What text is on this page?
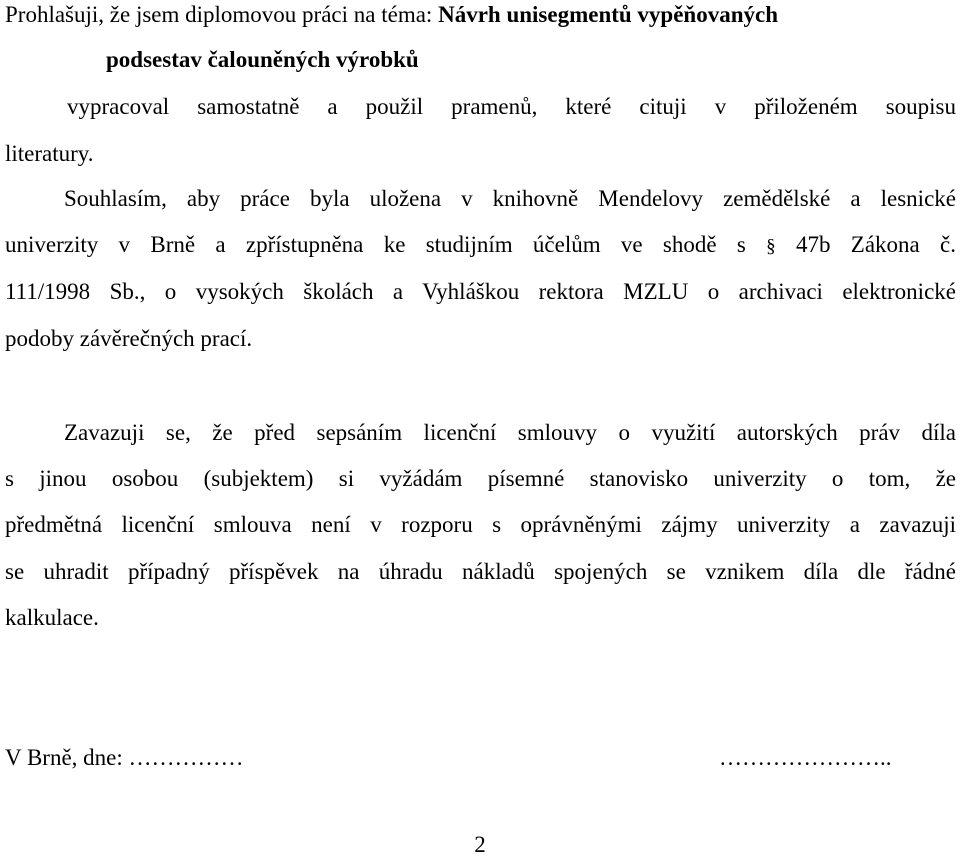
Prohlašuji, že jsem diplomovou práci na téma: Návrh unisegmentů vypěňovaných
podsestav čalouněných výrobků
vypracoval samostatně a použil pramenů, které cituji v přiloženém soupisu
literatury.
Souhlasím, aby práce byla uložena v knihovně Mendelovy zemědělské a lesnické
univerzity v Brně a zpřístupněna ke studijním účelům ve shodě s § 47b Zákona č.
111/1998 Sb., o vysokých školách a Vyhláškou rektora MZLU o archivaci elektronické
podoby závěrečných prací.
Zavazuji se, že před sepsáním licenční smlouvy o využití autorských práv díla
s jinou osobou (subjektem) si vyžádám písemné stanovisko univerzity o tom, že
předmětná licenční smlouva není v rozporu s oprávněnými zájmy univerzity a zavazuji
se uhradit případný příspěvek na úhradu nákladů spojených se vznikem díla dle řádné
kalkulace.
V Brně, dne: ……………	…………………..
2
